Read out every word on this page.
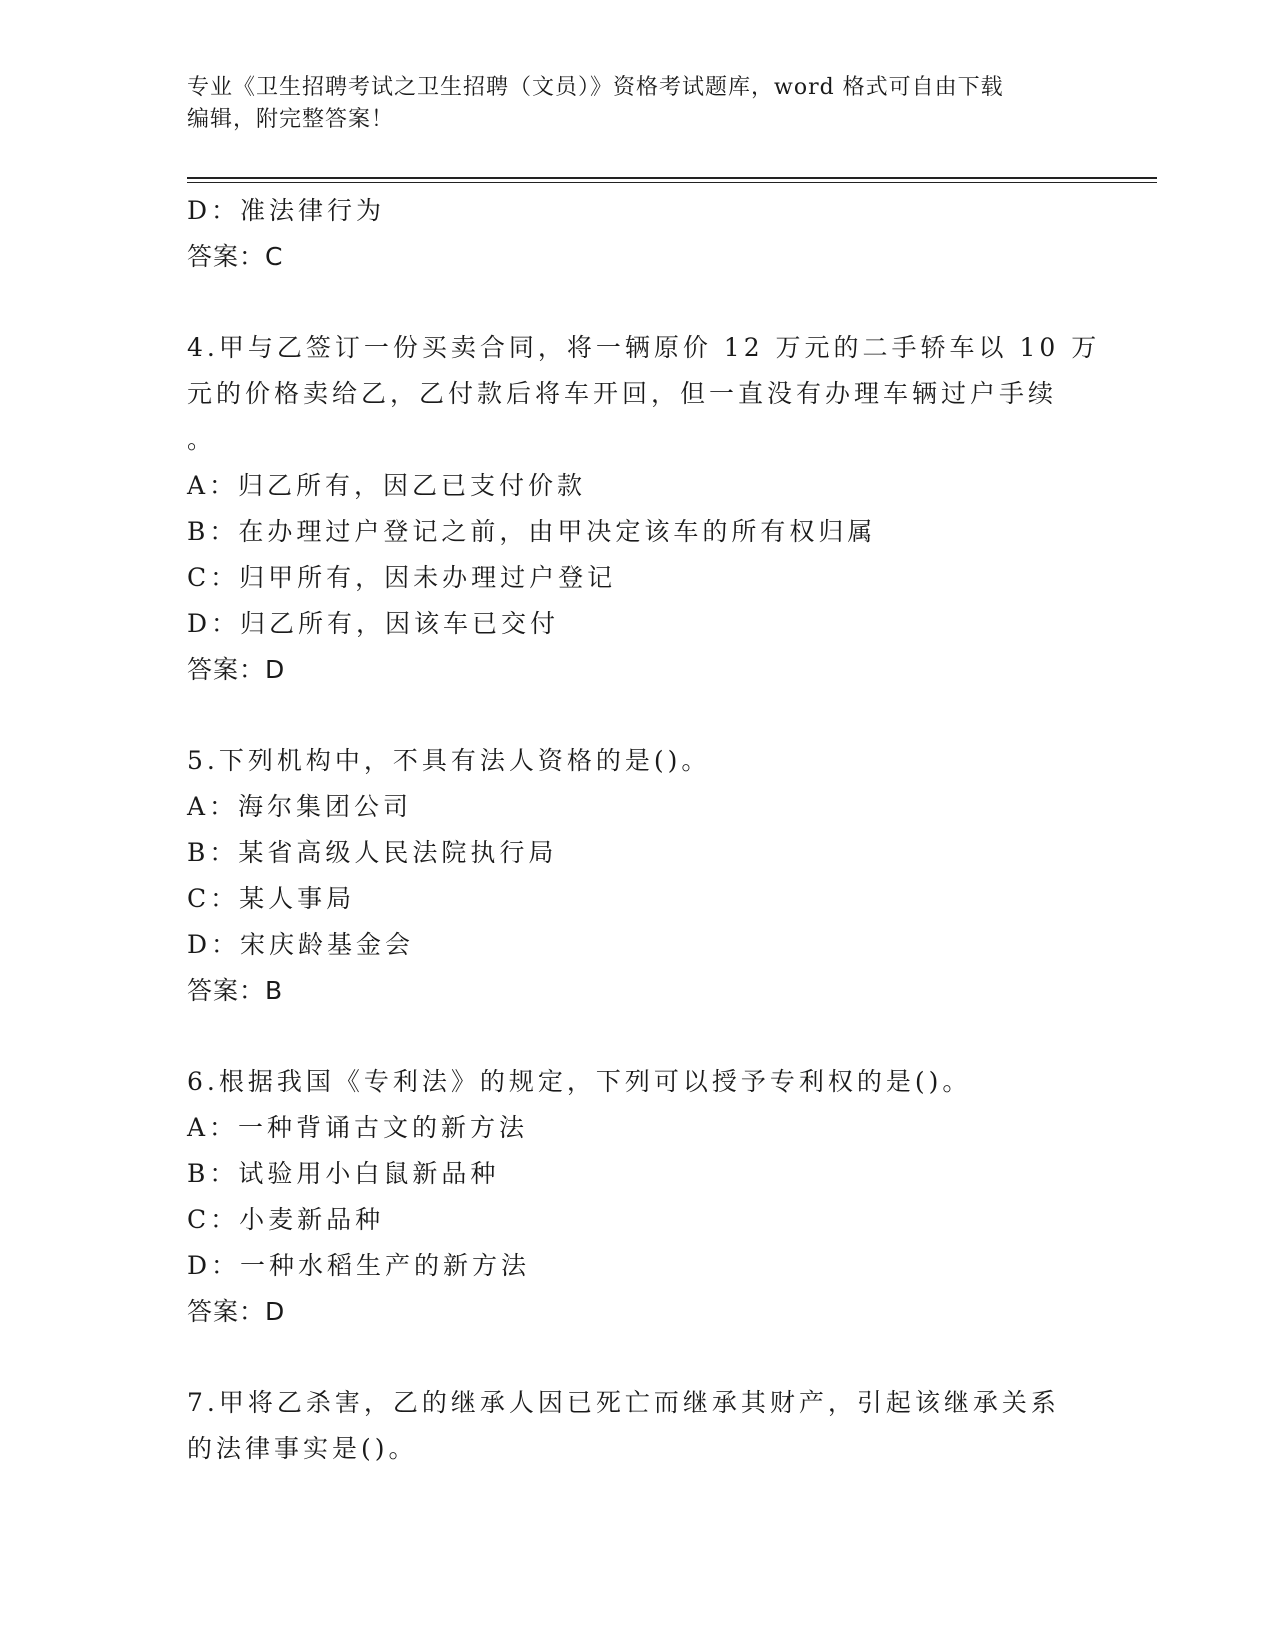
专业《卫生招聘考试之卫生招聘（文员）》资格考试题库，word 格式可自由下载
编辑，附完整答案！
D：准法律行为
答案：C
4.甲与乙签订一份买卖合同，将一辆原价 12 万元的二手轿车以 10 万
元的价格卖给乙，乙付款后将车开回，但一直没有办理车辆过户手续
。
A：归乙所有，因乙已支付价款
B：在办理过户登记之前，由甲决定该车的所有权归属
C：归甲所有，因未办理过户登记
D：归乙所有，因该车已交付
答案：D
5.下列机构中，不具有法人资格的是()。
A：海尔集团公司
B：某省高级人民法院执行局
C：某人事局
D：宋庆龄基金会
答案：B
6.根据我国《专利法》的规定，下列可以授予专利权的是()。
A：一种背诵古文的新方法
B：试验用小白鼠新品种
C：小麦新品种
D：一种水稻生产的新方法
答案：D
7.甲将乙杀害，乙的继承人因已死亡而继承其财产，引起该继承关系
的法律事实是()。
